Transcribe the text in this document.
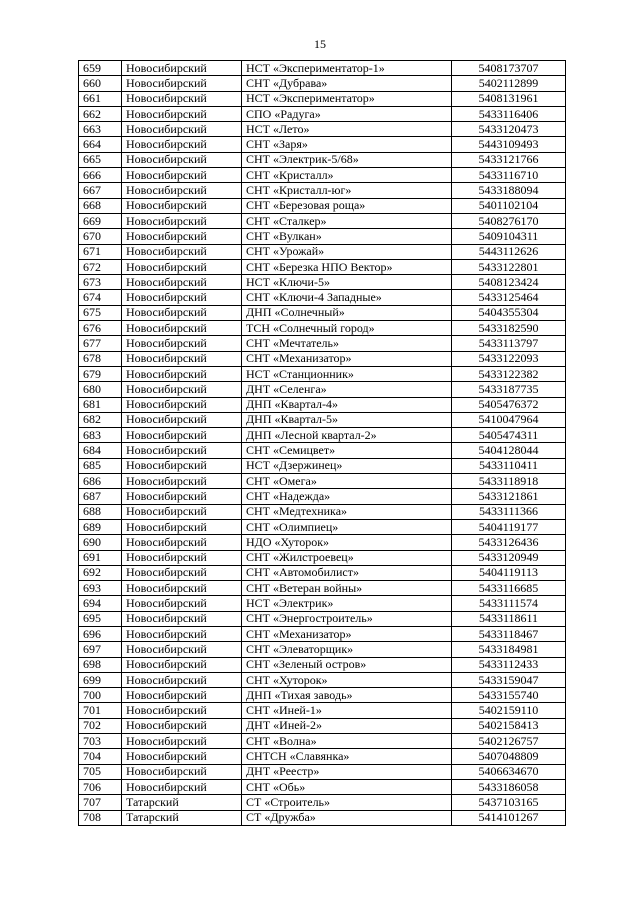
15
659	Новосибирский	НСТ «Экспериментатор-1»	5408173707
660	Новосибирский	СНТ «Дубрава»	5402112899
661	Новосибирский	НСТ «Экспериментатор»	5408131961
662	Новосибирский	СПО «Радуга»	5433116406
663	Новосибирский	НСТ «Лето»	5433120473
664	Новосибирский	СНТ «Заря»	5443109493
665	Новосибирский	СНТ «Электрик-5/68»	5433121766
666	Новосибирский	СНТ «Кристалл»	5433116710
667	Новосибирский	СНТ «Кристалл-юг»	5433188094
668	Новосибирский	СНТ «Березовая роща»	5401102104
669	Новосибирский	СНТ «Сталкер»	5408276170
670	Новосибирский	СНТ «Вулкан»	5409104311
671	Новосибирский	СНТ «Урожай»	5443112626
672	Новосибирский	СНТ «Березка НПО Вектор»	5433122801
673	Новосибирский	НСТ «Ключи-5»	5408123424
674	Новосибирский	СНТ «Ключи-4 Западные»	5433125464
675	Новосибирский	ДНП «Солнечный»	5404355304
676	Новосибирский	ТСН «Солнечный город»	5433182590
677	Новосибирский	СНТ «Мечтатель»	5433113797
678	Новосибирский	СНТ «Механизатор»	5433122093
679	Новосибирский	НСТ «Станционник»	5433122382
680	Новосибирский	ДНТ «Селенга»	5433187735
681	Новосибирский	ДНП «Квартал-4»	5405476372
682	Новосибирский	ДНП «Квартал-5»	5410047964
683	Новосибирский	ДНП «Лесной квартал-2»	5405474311
684	Новосибирский	СНТ «Семицвет»	5404128044
685	Новосибирский	НСТ «Дзержинец»	5433110411
686	Новосибирский	СНТ «Омега»	5433118918
687	Новосибирский	СНТ «Надежда»	5433121861
688	Новосибирский	СНТ «Медтехника»	5433111366
689	Новосибирский	СНТ «Олимпиец»	5404119177
690	Новосибирский	НДО «Хуторок»	5433126436
691	Новосибирский	СНТ «Жилстроевец»	5433120949
692	Новосибирский	СНТ «Автомобилист»	5404119113
693	Новосибирский	СНТ «Ветеран войны»	5433116685
694	Новосибирский	НСТ «Электрик»	5433111574
695	Новосибирский	СНТ «Энергостроитель»	5433118611
696	Новосибирский	СНТ «Механизатор»	5433118467
697	Новосибирский	СНТ «Элеваторщик»	5433184981
698	Новосибирский	СНТ «Зеленый остров»	5433112433
699	Новосибирский	СНТ «Хуторок»	5433159047
700	Новосибирский	ДНП «Тихая заводь»	5433155740
701	Новосибирский	СНТ «Иней-1»	5402159110
702	Новосибирский	ДНТ «Иней-2»	5402158413
703	Новосибирский	СНТ «Волна»	5402126757
704	Новосибирский	СНТСН «Славянка»	5407048809
705	Новосибирский	ДНТ «Реестр»	5406634670
706	Новосибирский	СНТ «Обь»	5433186058
707	Татарский	СТ «Строитель»	5437103165
708	Татарский	СТ «Дружба»	5414101267
